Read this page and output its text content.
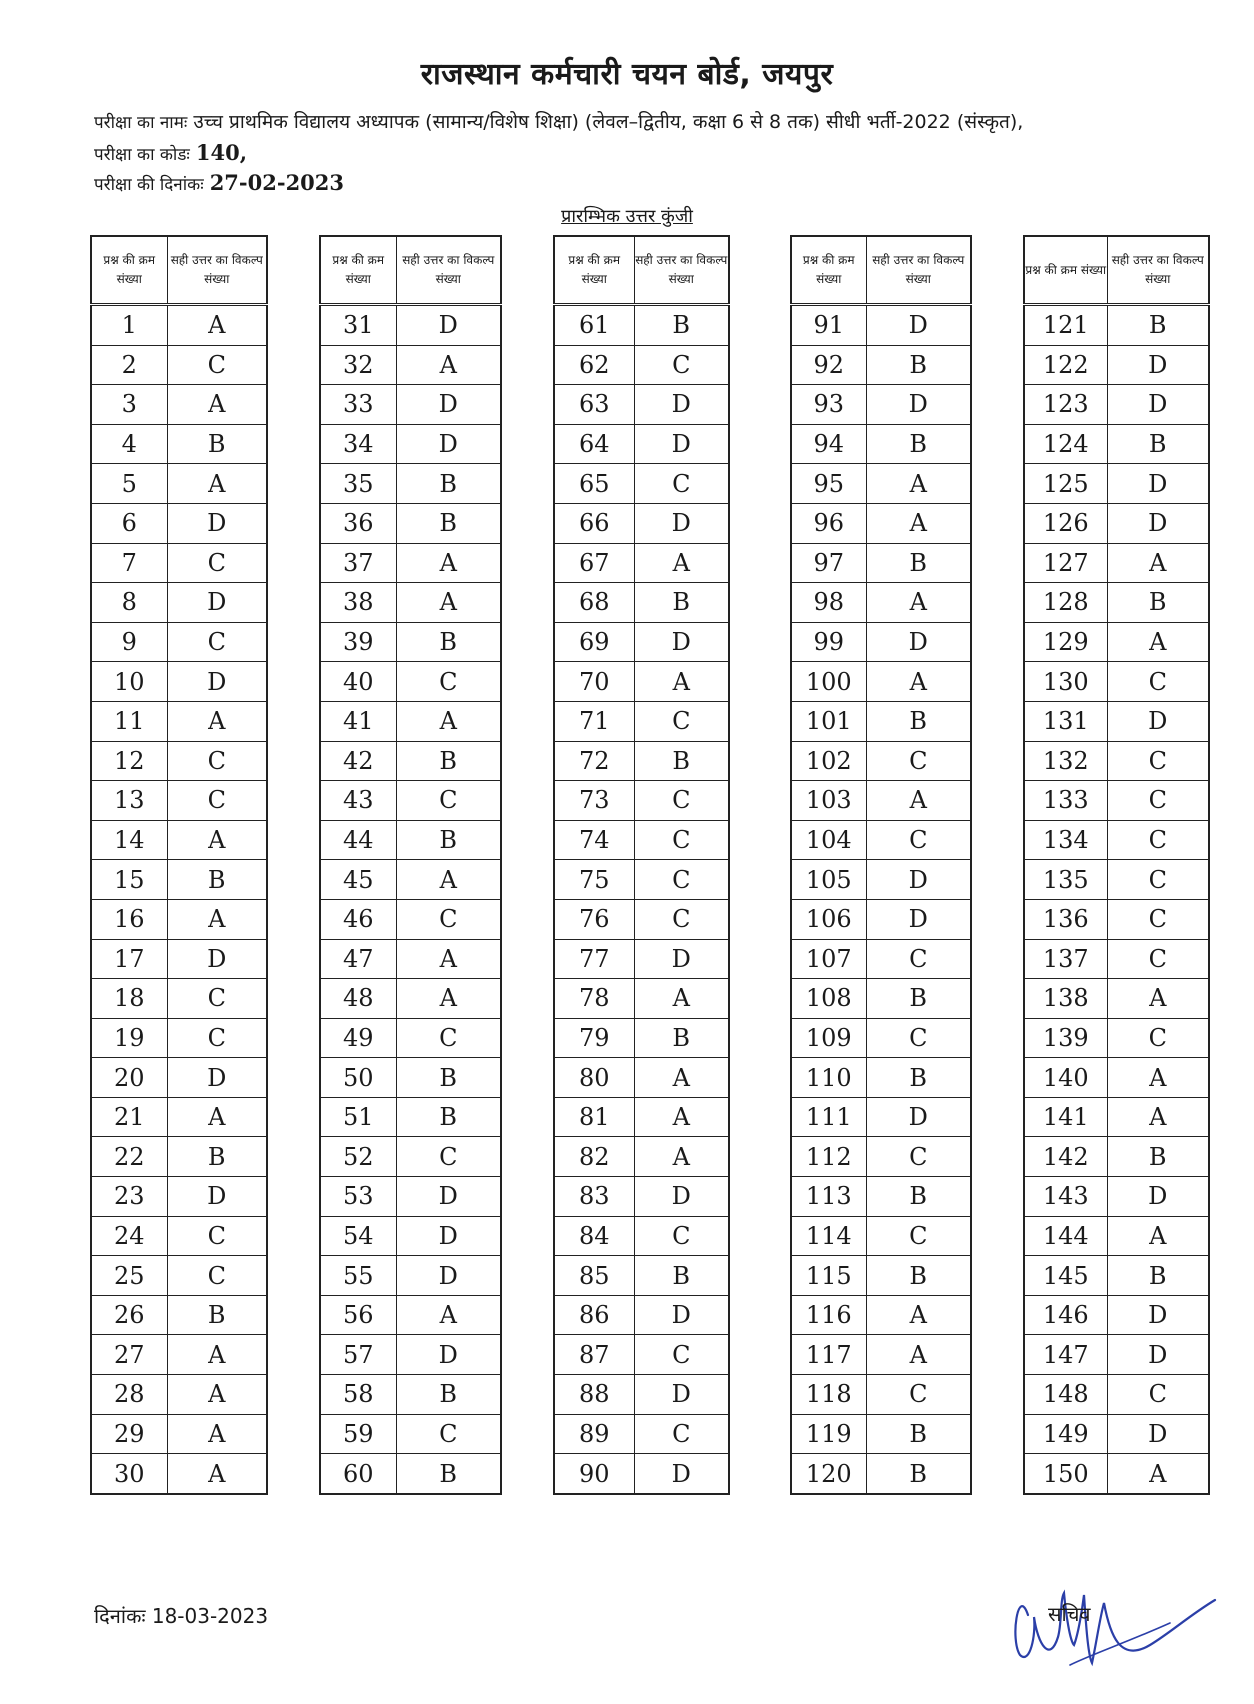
राजस्थान कर्मचारी चयन बोर्ड, जयपुर
परीक्षा का नामः उच्च प्राथमिक विद्यालय अध्यापक (सामान्य/विशेष शिक्षा) (लेवल–द्वितीय, कक्षा 6 से 8 तक) सीधी भर्ती-2022 (संस्कृत),
परीक्षा का कोडः 140,
परीक्षा की दिनांकः 27-02-2023
प्रारम्भिक उत्तर कुंजी
प्रश्न की क्रम संख्या	सही उत्तर का विकल्प संख्या
1	A
2	C
3	A
4	B
5	A
6	D
7	C
8	D
9	C
10	D
11	A
12	C
13	C
14	A
15	B
16	A
17	D
18	C
19	C
20	D
21	A
22	B
23	D
24	C
25	C
26	B
27	A
28	A
29	A
30	A
प्रश्न की क्रम संख्या	सही उत्तर का विकल्प संख्या
31	D
32	A
33	D
34	D
35	B
36	B
37	A
38	A
39	B
40	C
41	A
42	B
43	C
44	B
45	A
46	C
47	A
48	A
49	C
50	B
51	B
52	C
53	D
54	D
55	D
56	A
57	D
58	B
59	C
60	B
प्रश्न की क्रम संख्या	सही उत्तर का विकल्प संख्या
61	B
62	C
63	D
64	D
65	C
66	D
67	A
68	B
69	D
70	A
71	C
72	B
73	C
74	C
75	C
76	C
77	D
78	A
79	B
80	A
81	A
82	A
83	D
84	C
85	B
86	D
87	C
88	D
89	C
90	D
प्रश्न की क्रम संख्या	सही उत्तर का विकल्प संख्या
91	D
92	B
93	D
94	B
95	A
96	A
97	B
98	A
99	D
100	A
101	B
102	C
103	A
104	C
105	D
106	D
107	C
108	B
109	C
110	B
111	D
112	C
113	B
114	C
115	B
116	A
117	A
118	C
119	B
120	B
प्रश्न की क्रम संख्या	सही उत्तर का विकल्प संख्या
121	B
122	D
123	D
124	B
125	D
126	D
127	A
128	B
129	A
130	C
131	D
132	C
133	C
134	C
135	C
136	C
137	C
138	A
139	C
140	A
141	A
142	B
143	D
144	A
145	B
146	D
147	D
148	C
149	D
150	A
दिनांकः 18-03-2023	सचिव
